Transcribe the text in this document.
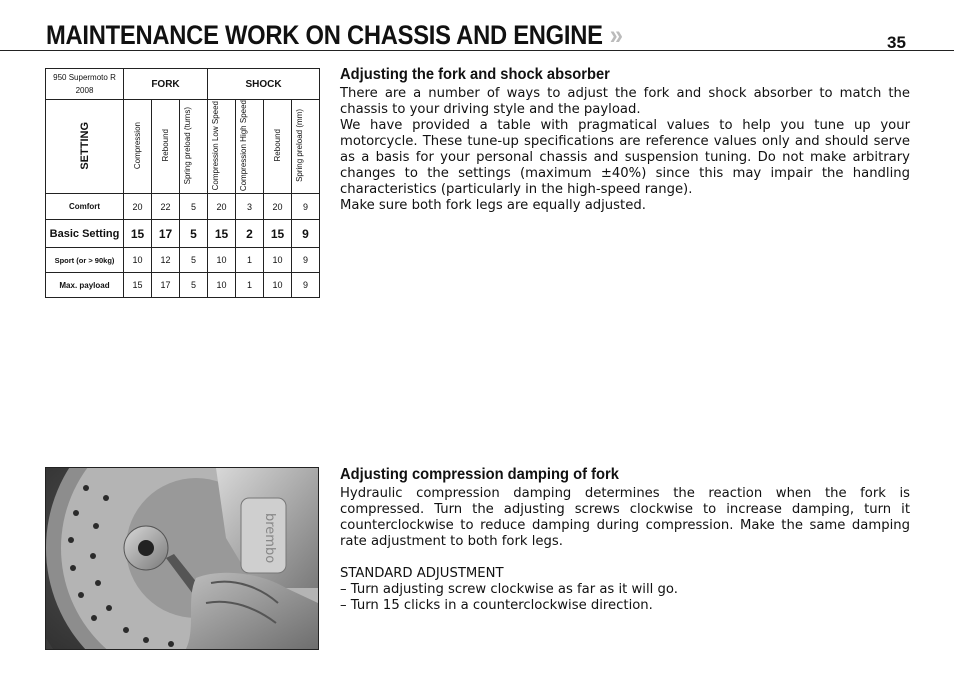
MAINTENANCE WORK ON CHASSIS AND ENGINE »	35
950 Supermoto R 2008	FORK			SHOCK			
SETTING	Compression	Rebound	Spring preload (turns)	Compression Low Speed	Compression High Speed	Rebound	Spring preload (mm)
Comfort	20	22	5	20	3	20	9
Basic Setting	15	17	5	15	2	15	9
Sport (or > 90kg)	10	12	5	10	1	10	9
Max. payload	15	17	5	10	1	10	9
Adjusting the fork and shock absorber

There are a number of ways to adjust the fork and shock absorber to match the chassis to your driving style and the payload.

We have provided a table with pragmatical values to help you tune up your motorcycle. These tune-up specifications are reference values only and should serve as a basis for your personal chassis and suspension tuning. Do not make arbitrary changes to the settings (maximum ±40%) since this may impair the handling characteristics (particularly in the high-speed range).

Make sure both fork legs are equally adjusted.

Adjusting compression damping of fork

Hydraulic compression damping determines the reaction when the fork is compressed. Turn the adjusting screws clockwise to increase damping, turn it counterclockwise to reduce damping during compression. Make the same damping rate adjustment to both fork legs.

STANDARD ADJUSTMENT

– Turn adjusting screw clockwise as far as it will go.

– Turn 15 clicks in a counterclockwise direction.

brembo
